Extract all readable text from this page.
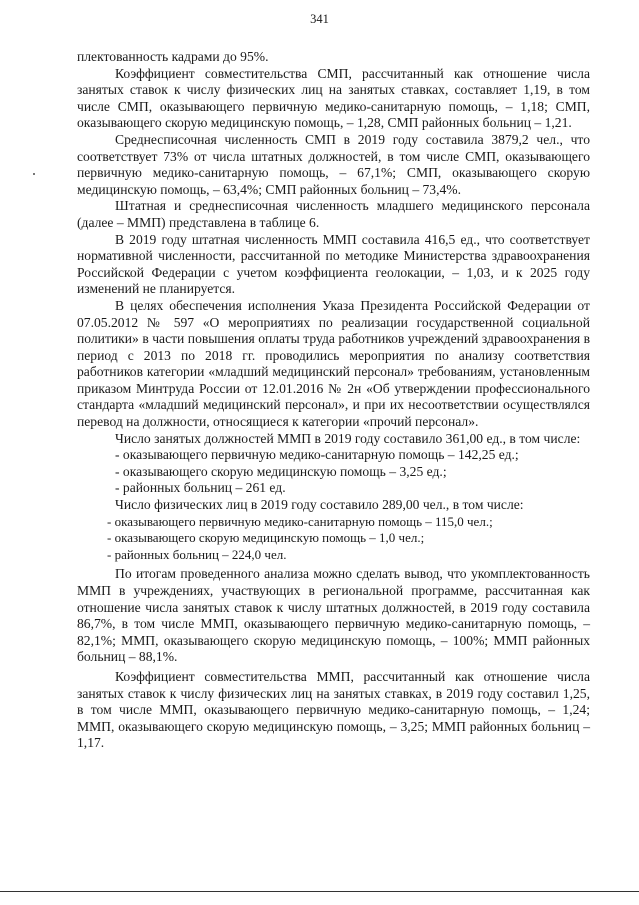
341

плектованность кадрами до 95%.

Коэффициент совместительства СМП, рассчитанный как отношение числа занятых ставок к числу физических лиц на занятых ставках, составляет 1,19, в том числе СМП, оказывающего первичную медико-санитарную помощь, – 1,18; СМП, оказывающего скорую медицинскую помощь, – 1,28, СМП районных больниц – 1,21.

Среднесписочная численность СМП в 2019 году составила 3879,2 чел., что соответствует 73% от числа штатных должностей, в том числе СМП, оказывающего первичную медико-санитарную помощь, – 67,1%; СМП, оказывающего скорую медицинскую помощь, – 63,4%; СМП районных больниц – 73,4%.

Штатная и среднесписочная численность младшего медицинского персонала (далее – ММП) представлена в таблице 6.

В 2019 году штатная численность ММП составила 416,5 ед., что соответствует нормативной численности, рассчитанной по методике Министерства здравоохранения Российской Федерации с учетом коэффициента геолокации, – 1,03, и к 2025 году изменений не планируется.

В целях обеспечения исполнения Указа Президента Российской Федерации от 07.05.2012 № 597 «О мероприятиях по реализации государственной социальной политики» в части повышения оплаты труда работников учреждений здравоохранения в период с 2013 по 2018 гг. проводились мероприятия по анализу соответствия работников категории «младший медицинский персонал» требованиям, установленным приказом Минтруда России от 12.01.2016 № 2н «Об утверждении профессионального стандарта «младший медицинский персонал», и при их несоответствии осуществлялся перевод на должности, относящиеся к категории «прочий персонал».

Число занятых должностей ММП в 2019 году составило 361,00 ед., в том числе:

- оказывающего первичную медико-санитарную помощь – 142,25 ед.;

- оказывающего скорую медицинскую помощь – 3,25 ед.;

- районных больниц – 261 ед.

Число физических лиц в 2019 году составило 289,00 чел., в том числе:

- оказывающего первичную медико-санитарную помощь – 115,0 чел.;

- оказывающего скорую медицинскую помощь – 1,0 чел.;

- районных больниц – 224,0 чел.

По итогам проведенного анализа можно сделать вывод, что укомплектованность ММП в учреждениях, участвующих в региональной программе, рассчитанная как отношение числа занятых ставок к числу штатных должностей, в 2019 году составила 86,7%, в том числе ММП, оказывающего первичную медико-санитарную помощь, – 82,1%; ММП, оказывающего скорую медицинскую помощь, – 100%; ММП районных больниц – 88,1%.

Коэффициент совместительства ММП, рассчитанный как отношение числа занятых ставок к числу физических лиц на занятых ставках, в 2019 году составил 1,25, в том числе ММП, оказывающего первичную медико-санитарную помощь, – 1,24; ММП, оказывающего скорую медицинскую помощь, – 3,25; ММП районных больниц – 1,17.
